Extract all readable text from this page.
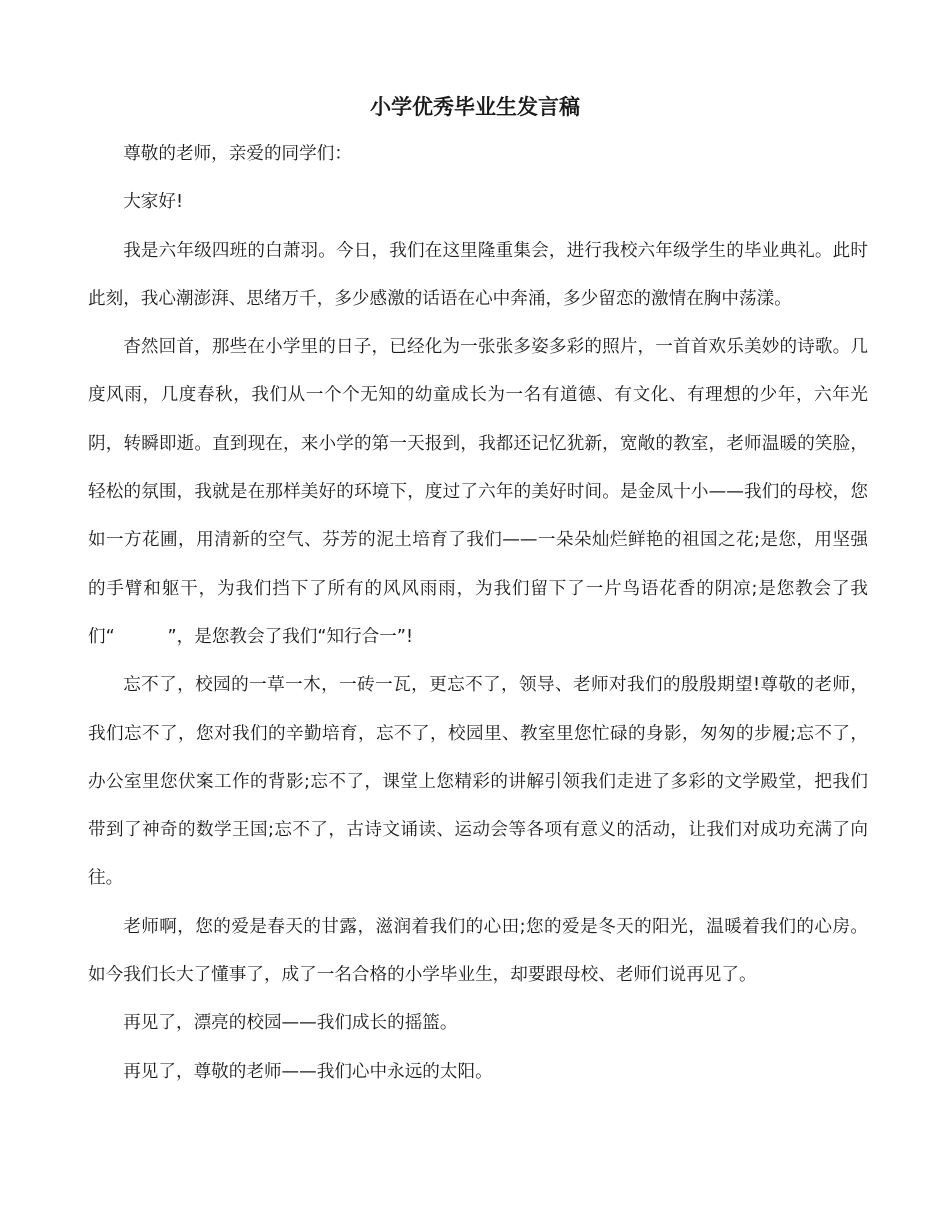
小学优秀毕业生发言稿

尊敬的老师，亲爱的同学们：

大家好!

我是六年级四班的白萧羽。今日，我们在这里隆重集会，进行我校六年级学生的毕业典礼。此时此刻，我心潮澎湃、思绪万千，多少感激的话语在心中奔涌，多少留恋的激情在胸中荡漾。

杳然回首，那些在小学里的日子，已经化为一张张多姿多彩的照片，一首首欢乐美妙的诗歌。几度风雨，几度春秋，我们从一个个无知的幼童成长为一名有道德、有文化、有理想的少年，六年光阴，转瞬即逝。直到现在，来小学的第一天报到，我都还记忆犹新，宽敞的教室，老师温暖的笑脸，轻松的氛围，我就是在那样美好的环境下，度过了六年的美好时间。是金凤十小——我们的母校，您如一方花圃，用清新的空气、芬芳的泥土培育了我们——一朵朵灿烂鲜艳的祖国之花;是您，用坚强的手臂和躯干，为我们挡下了所有的风风雨雨，为我们留下了一片鸟语花香的阴凉;是您教会了我们“　　　”，是您教会了我们“知行合一”!

忘不了，校园的一草一木，一砖一瓦，更忘不了，领导、老师对我们的殷殷期望!尊敬的老师，我们忘不了，您对我们的辛勤培育，忘不了，校园里、教室里您忙碌的身影，匆匆的步履;忘不了，办公室里您伏案工作的背影;忘不了，课堂上您精彩的讲解引领我们走进了多彩的文学殿堂，把我们带到了神奇的数学王国;忘不了，古诗文诵读、运动会等各项有意义的活动，让我们对成功充满了向往。

老师啊，您的爱是春天的甘露，滋润着我们的心田;您的爱是冬天的阳光，温暖着我们的心房。如今我们长大了懂事了，成了一名合格的小学毕业生，却要跟母校、老师们说再见了。

再见了，漂亮的校园——我们成长的摇篮。

再见了，尊敬的老师——我们心中永远的太阳。
